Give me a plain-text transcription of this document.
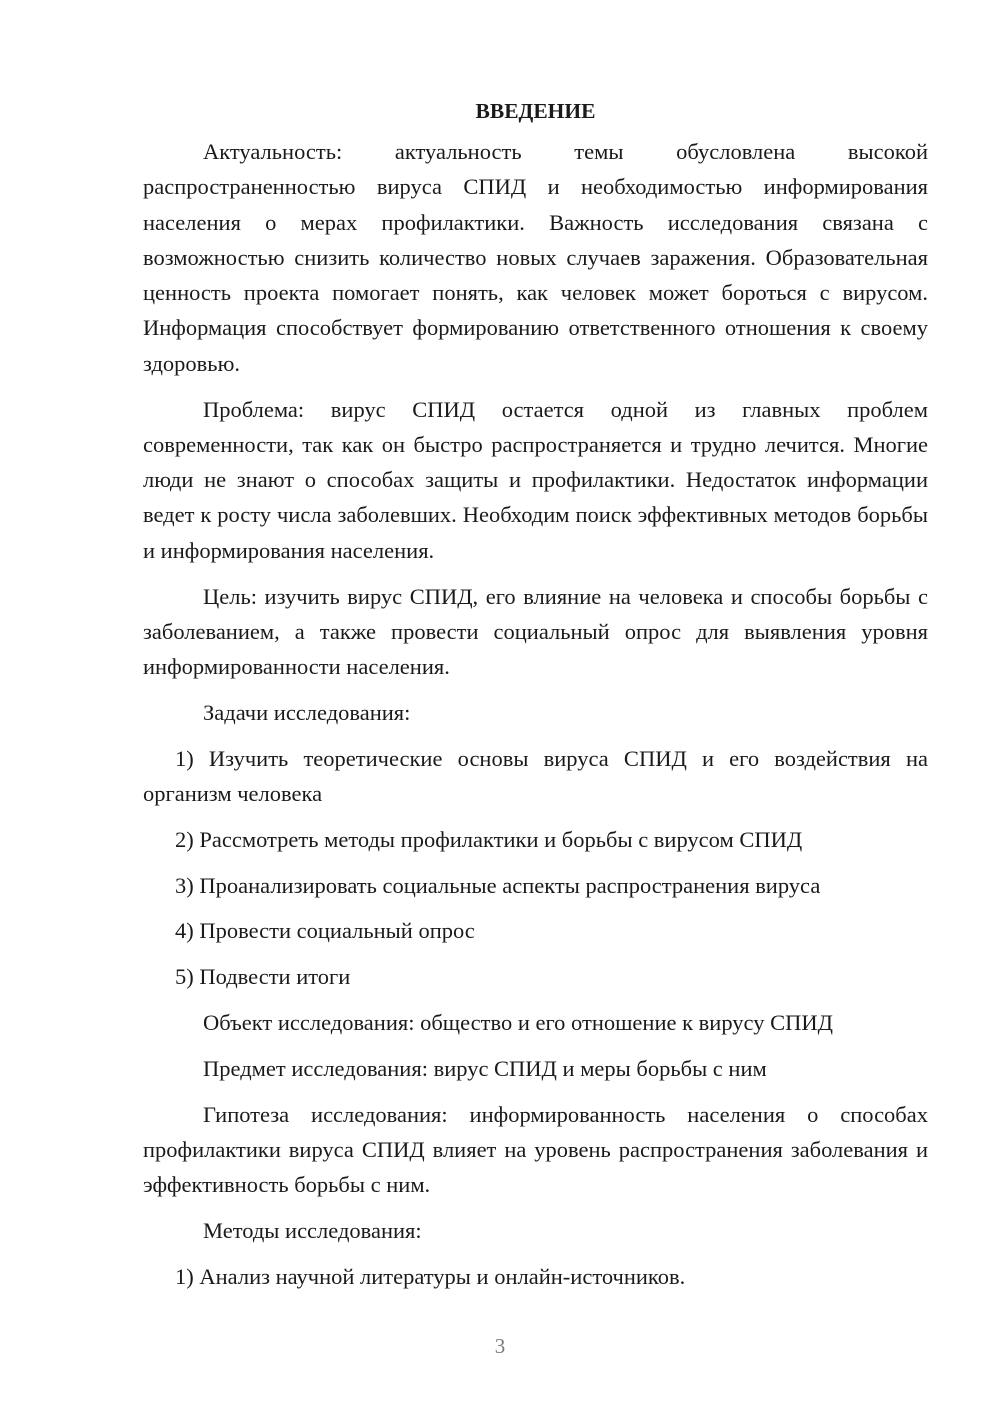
ВВЕДЕНИЕ

Актуальность: актуальность темы обусловлена высокой распространенностью вируса СПИД и необходимостью информирования населения о мерах профилактики. Важность исследования связана с возможностью снизить количество новых случаев заражения. Образовательная ценность проекта помогает понять, как человек может бороться с вирусом. Информация способствует формированию ответственного отношения к своему здоровью.

Проблема: вирус СПИД остается одной из главных проблем современности, так как он быстро распространяется и трудно лечится. Многие люди не знают о способах защиты и профилактики. Недостаток информации ведет к росту числа заболевших. Необходим поиск эффективных методов борьбы и информирования населения.

Цель: изучить вирус СПИД, его влияние на человека и способы борьбы с заболеванием, а также провести социальный опрос для выявления уровня информированности населения.

Задачи исследования:

1) Изучить теоретические основы вируса СПИД и его воздействия на организм человека

2) Рассмотреть методы профилактики и борьбы с вирусом СПИД

3) Проанализировать социальные аспекты распространения вируса

4) Провести социальный опрос

5) Подвести итоги

Объект исследования: общество и его отношение к вирусу СПИД

Предмет исследования: вирус СПИД и меры борьбы с ним

Гипотеза исследования: информированность населения о способах профилактики вируса СПИД влияет на уровень распространения заболевания и эффективность борьбы с ним.

Методы исследования:

1) Анализ научной литературы и онлайн-источников.

3
